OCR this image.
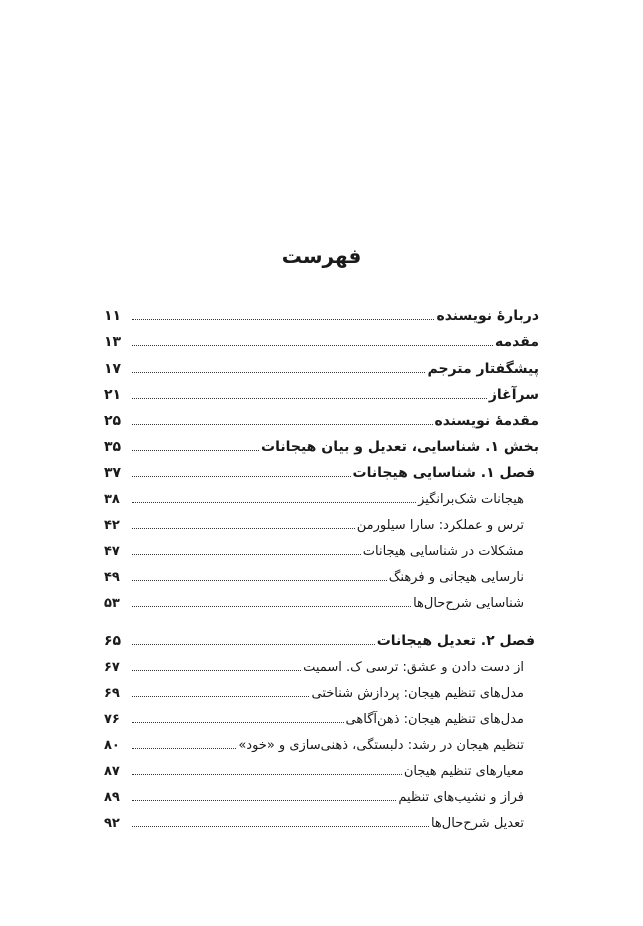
فهرست
دربارهٔ نویسنده
۱۱
مقدمه
۱۳
پیشگفتار مترجم
۱۷
سرآغاز
۲۱
مقدمهٔ نویسنده
۲۵
بخش ۱. شناسایی، تعدیل و بیان هیجانات
۳۵
فصل ۱. شناسایی هیجانات
۳۷
هیجانات شک‌برانگیز
۳۸
ترس و عملکرد: سارا سیلورمن
۴۲
مشکلات در شناسایی هیجانات
۴۷
نارسایی هیجانی و فرهنگ
۴۹
شناسایی شرح‌حال‌ها
۵۳
فصل ۲. تعدیل هیجانات
۶۵
از دست دادن و عشق: ترسی ک. اسمیت
۶۷
مدل‌های تنظیم هیجان: پردازش شناختی
۶۹
مدل‌های تنظیم هیجان: ذهن‌آگاهی
۷۶
تنظیم هیجان در رشد: دلبستگی، ذهنی‌سازی و «خود»
۸۰
معیارهای تنظیم هیجان
۸۷
فراز و نشیب‌های تنظیم
۸۹
تعدیل شرح‌حال‌ها
۹۲
